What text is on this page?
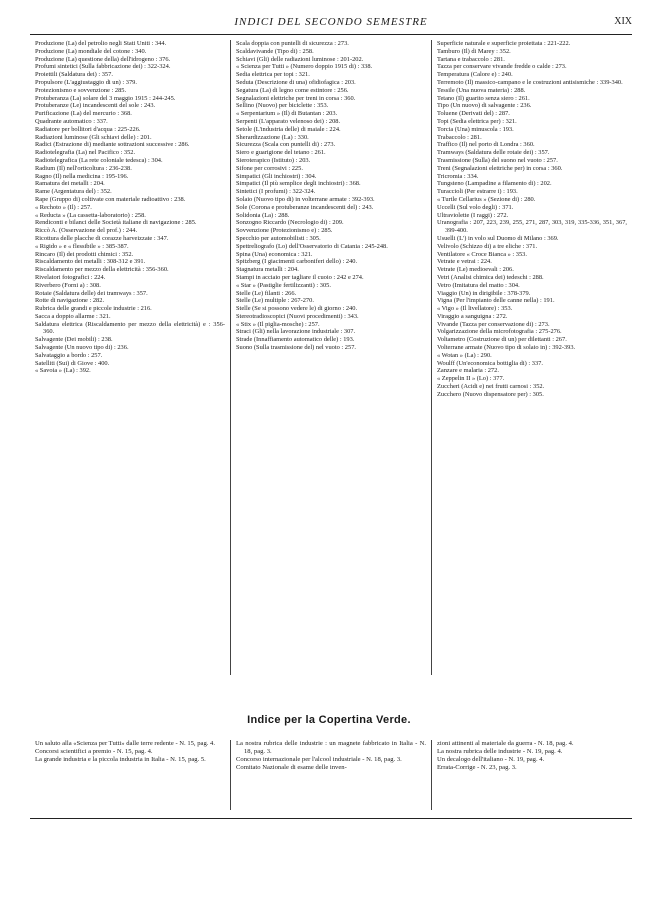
INDICI DEL SECONDO SEMESTRE	XIX

Produzione (La) del petrolio negli Stati Uniti : 344.

Produzione (La) mondiale del cotone : 340.

Produzione (La) questione della) dell'idrogeno : 376.

Profumi sintetici (Sulla fabbricazione dei) : 322-324.

Proiettili (Saldatura dei) : 357.

Propulsore (L'aggiustaggio di un) : 379.

Protezionismo e sovvenzione : 285.

Protuberanza (La) solare del 3 maggio 1915 : 244-245.

Protuberanze (Le) incandescenti del sole : 243.

Purificazione (La) del mercurio : 368.

Quadrante automatico : 337.

Radiatore per bollitori d'acqua : 225-226.

Radiazioni luminose (Gli schiavi delle) : 201.

Radici (Estrazione di) mediante sottrazioni successive : 286.

Radiotelegrafia (La) nel Pacifico : 352.

Radiotelegrafica (La rete coloniale tedesca) : 304.

Radium (Il) nell'orticoltura : 236-238.

Ragno (Il) nella medicina : 195-196.

Ramatura dei metalli : 204.

Rame (Argentatura del) : 352.

Rape (Gruppo di) coltivate con materiale radioattivo : 238.

« Rechoto » (Il) : 257.

« Reducta » (La cassetta-laboratorio) : 258.

Rendiconti e bilanci delle Società italiane di navigazione : 285.

Riccò A. (Osservazione del prof.) : 244.

Ricottura delle placche di corazze harveizzate : 347.

« Rigido » e « flessibile » : 385-387.

Rincaro (Il) dei prodotti chimici : 352.

Riscaldamento dei metalli : 308-312 e 391.

Riscaldamento per mezzo della elettricità : 356-360.

Rivelatori fotografici : 224.

Riverbero (Forni a) : 308.

Rotaie (Saldatura delle) dei tramways : 357.

Rotte di navigazione : 282.

Rubrica delle grandi e piccole industrie : 216.

Sacca a doppio allarme : 321.

Saldatura elettrica (Riscaldamento per mezzo della elettricità) e : 356-360.

Salvagente (Dei mobili) : 238.

Salvagente (Un nuovo tipo di) : 236.

Salvataggio a bordo : 257.

Satelliti (Sui) di Giove : 400.

« Savoia » (La) : 392.

Scala doppia con puntelli di sicurezza : 273.

Scaldavivande (Tipo di) : 258.

Schiavi (Gli) delle radiazioni luminose : 201-202.

« Scienza per Tutti » (Numero doppio 1915 di) : 338.

Sedia elettrica per topi : 321.

Seduta (Descrizione di una) ofidiofagica : 203.

Segatura (La) di legno come estintore : 256.

Segnalazioni elettriche per treni in corsa : 360.

Sellino (Nuovo) per biciclette : 353.

« Serpentarium » (Il) di Butantan : 203.

Serpenti (L'apparato velenoso dei) : 208.

Setole (L'industria delle) di maiale : 224.

Sherardizzazione (La) : 330.

Sicurezza (Scala con puntelli di) : 273.

Siero e guarigione del tetano : 261.

Sieroterapico (Istituto) : 203.

Sifone per corrosivi : 225.

Simpatici (Gli inchiostri) : 304.

Simpatici (Il più semplice degli inchiostri) : 368.

Sintetici (I profumi) : 322-324.

Solaio (Nuovo tipo di) in volterrane armate : 392-393.

Sole (Corona e protuberanze incandescenti del) : 243.

Solidonia (La) : 288.

Sonzogno Riccardo (Necrologio di) : 209.

Sovvenzione (Protezionismo e) : 285.

Specchio per automobilisti : 305.

Spettreliografo (Lo) dell'Osservatorio di Catania : 245-248.

Spina (Una) economica : 321.

Spitzberg (I giacimenti carboniferi dello) : 240.

Stagnatura metalli : 204.

Stampi in acciaio per tagliare il cuoio : 242 e 274.

« Star » (Pastiglie fertilizzanti) : 305.

Stelle (Le) filanti : 266.

Stelle (Le) multiple : 267-270.

Stelle (Se si possono vedere le) di giorno : 240.

Stereotradioscopici (Nuovi procedimenti) : 343.

« Stix » (Il piglia-mosche) : 257.

Straci (Gli) nella lavorazione industriale : 307.

Strade (Innaffiamento automatico delle) : 193.

Suono (Sulla trasmissione del) nel vuoto : 257.

Superficie naturale e superficie proiettata : 221-222.

Tamburo (Il) di Marey : 352.

Tartana e trabaccolo : 281.

Tazza per conservare vivande fredde o calde : 273.

Temperatura (Calore e) : 240.

Terremoto (Il) massico-campano e le costruzioni antisismiche : 339-340.

Tessile (Una nuova materia) : 288.

Tetano (Il) guarito senza siero : 261.

Tipo (Un nuovo) di salvagente : 236.

Toluene (Derivati del) : 287.

Topi (Sedia elettrica per) : 321.

Torcia (Una) minuscola : 193.

Trabaccolo : 281.

Traffico (Il) nel porto di Londra : 360.

Tramways (Saldatura delle rotaie dei) : 357.

Trasmissione (Sulla) del suono nel vuoto : 257.

Treni (Segnalazioni elettriche per) in corsa : 360.

Tricromia : 334.

Tungsteno (Lampadine a filamento di) : 202.

Turaccioli (Per estrarre i) : 193.

« Turtle Cellarius » (Sezione di) : 280.

Uccelli (Sul volo degli) : 371.

Ultraviolette (I raggi) : 272.

Uranografia : 207, 223, 239, 255, 271, 287, 303, 319, 335-336, 351, 367, 399-400.

Usuelli (L') in volo sul Duomo di Milano : 369.

Velivolo (Schizzo di) a tre eliche : 371.

Ventilatore « Croce Bianca » : 353.

Vetrate e vetrai : 224.

Vetrate (Le) medioevali : 206.

Vetri (Analisi chimica dei) tedeschi : 288.

Vetro (Imitatura del matto : 304.

Viaggio (Un) in dirigibile : 378-379.

Vigna (Per l'impianto delle canne nella) : 191.

« Vigo » (Il livellatore) : 353.

Viraggio a sanguigna : 272.

Vivande (Tazza per conservazione di) : 273.

Volgarizzazione della microfotografia : 275-276.

Voltametro (Costruzione di un) per dilettanti : 267.

Volterrane armate (Nuovo tipo di solaio in) : 392-393.

« Wotan » (La) : 290.

Woulff (Un'economica bottiglia di) : 337.

Zanzare e malaria : 272.

« Zeppelin II » (Lo) : 377.

Zuccheri (Acidi e) nei frutti carnosi : 352.

Zucchero (Nuovo dispensatore per) : 305.

Indice per la Copertina Verde.

Un saluto alla «Scienza per Tutti» dalle terre redente - N. 15, pag. 4.

Concorsi scientifici a premio - N. 15, pag. 4.

La grande industria e la piccola industria in Italia - N. 15, pag. 5.

La nostra rubrica delle industrie : un magnete fabbricato in Italia - N. 18, pag. 3.

Concorso internazionale per l'alcool industriale - N. 18, pag. 3.

Comitato Nazionale di esame delle inven-

zioni attinenti al materiale da guerra - N. 18, pag. 4.

La nostra rubrica delle industrie - N. 19, pag. 4.

Un decalogo dell'italiano - N. 19, pag. 4.

Errata-Corrige - N. 23, pag. 3.
